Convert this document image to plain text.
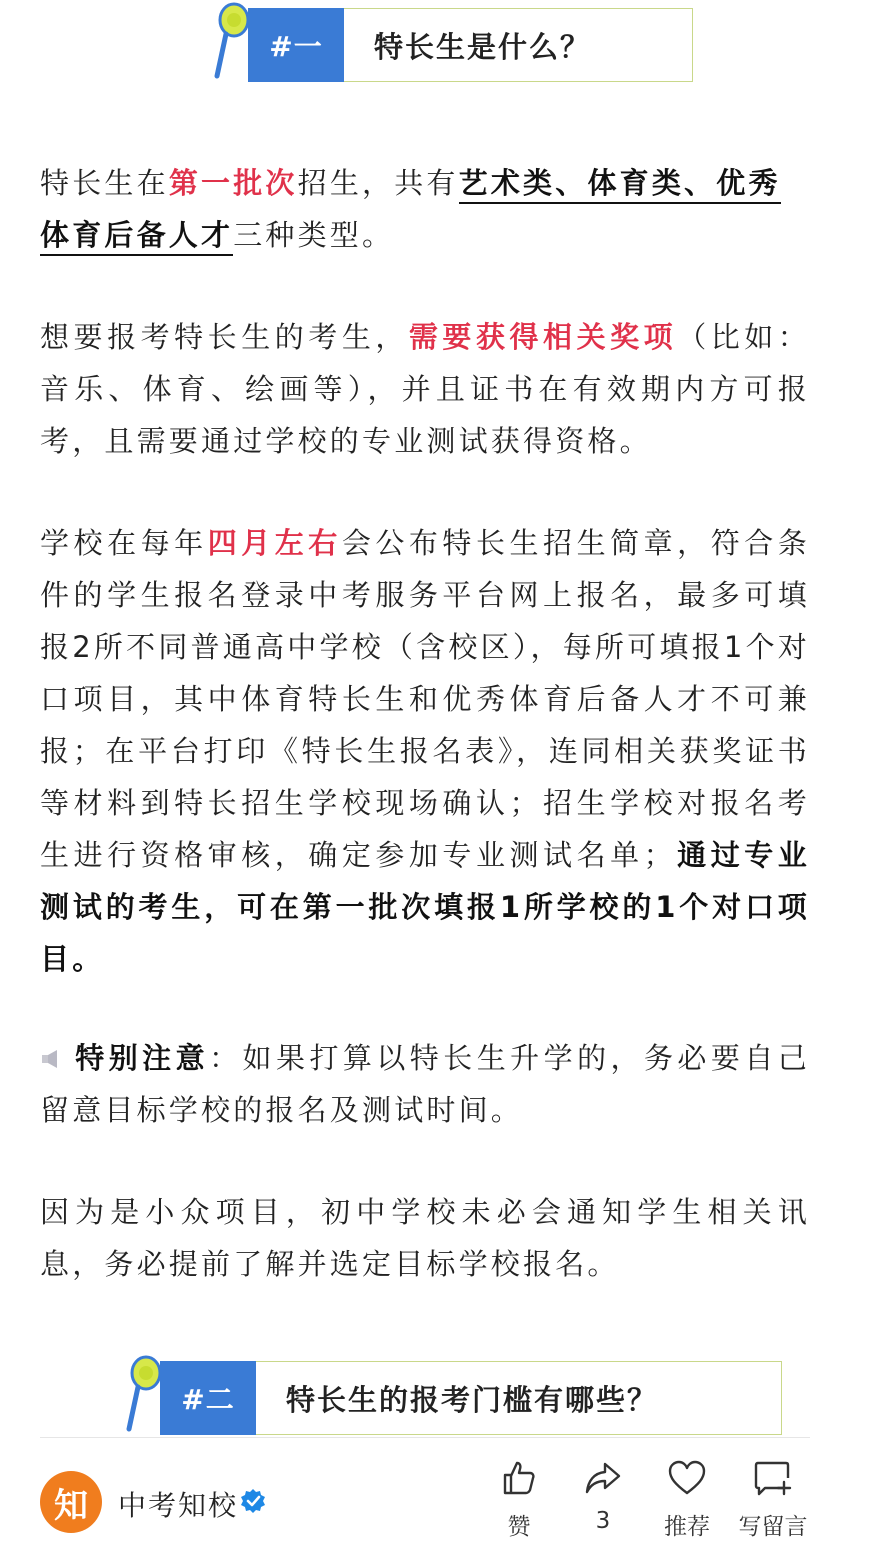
#一	特长生是什么？

特长生在第一批次招生，共有艺术类、体育类、优秀
体育后备人才三种类型。

想要报考特长生的考生，需要获得相关奖项（比如：音乐、体育、绘画等），并且证书在有效期内方可报考，且需要通过学校的专业测试获得资格。

学校在每年四月左右会公布特长生招生简章，符合条件的学生报名登录中考服务平台网上报名，最多可填报2所不同普通高中学校（含校区），每所可填报1个对口项目，其中体育特长生和优秀体育后备人才不可兼报；在平台打印《特长生报名表》，连同相关获奖证书等材料到特长招生学校现场确认；招生学校对报名考生进行资格审核，确定参加专业测试名单；通过专业测试的考生，可在第一批次填报1所学校的1个对口项目。

特别注意：如果打算以特长生升学的，务必要自己留意目标学校的报名及测试时间。

因为是小众项目，初中学校未必会通知学生相关讯息，务必提前了解并选定目标学校报名。

#二	特长生的报考门槛有哪些？
知	中考知校
赞	3	推荐	写留言
